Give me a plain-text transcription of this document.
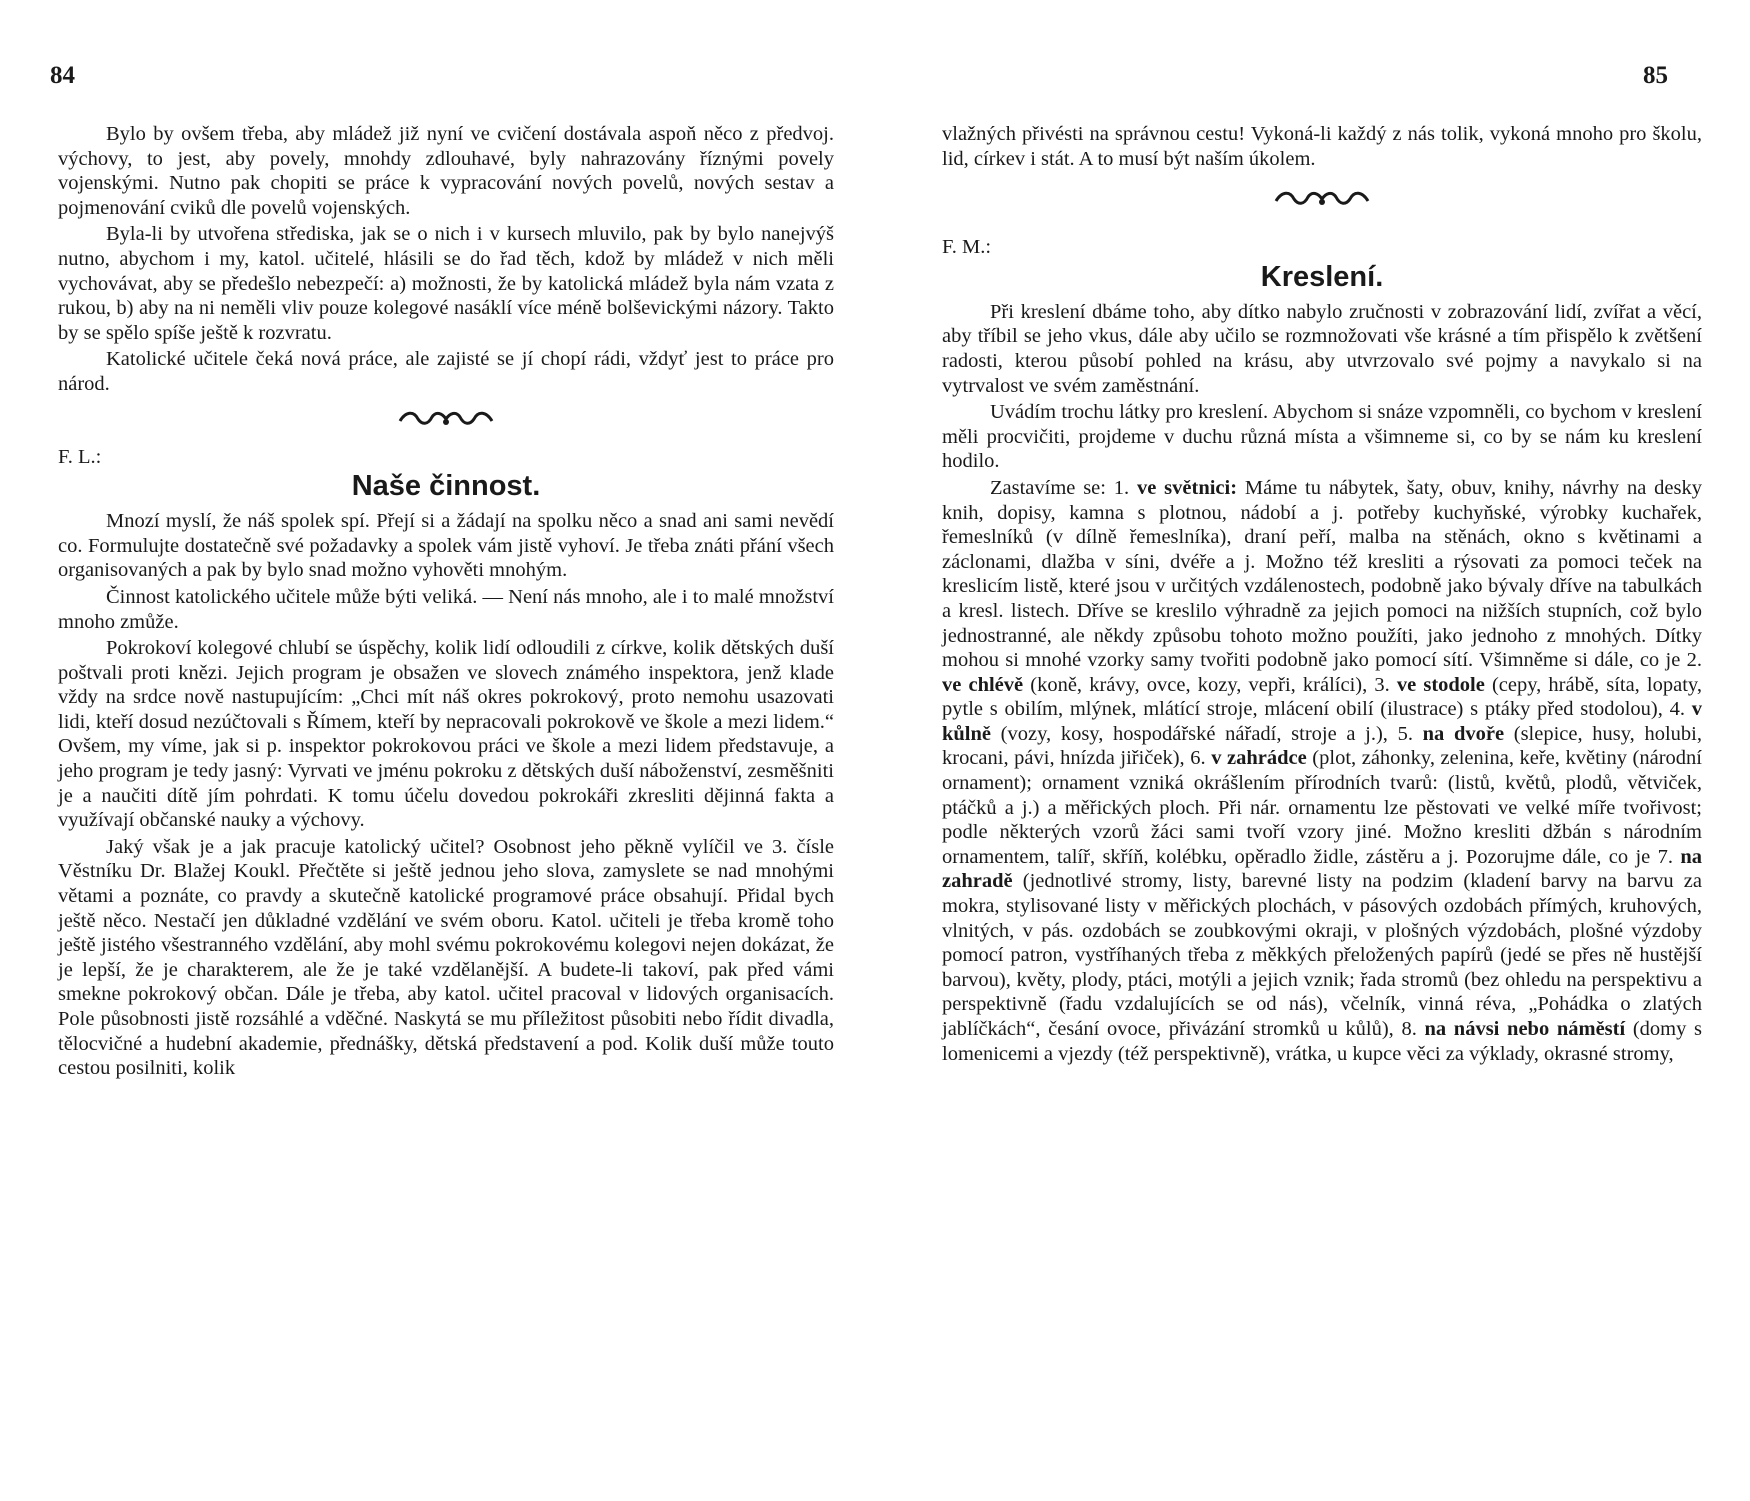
84	85

Bylo by ovšem třeba, aby mládež již nyní ve cvičení dostávala aspoň něco z předvoj. výchovy, to jest, aby povely, mnohdy zdlouhavé, byly nahrazovány říznými povely vojenskými. Nutno pak chopiti se práce k vypracování nových povelů, nových sestav a pojmenování cviků dle povelů vojenských.

Byla-li by utvořena střediska, jak se o nich i v kursech mluvilo, pak by bylo nanejvýš nutno, abychom i my, katol. učitelé, hlásili se do řad těch, kdož by mládež v nich měli vychovávat, aby se předešlo nebezpečí: a) možnosti, že by katolická mládež byla nám vzata z rukou, b) aby na ni neměli vliv pouze kolegové nasáklí více méně bolševickými názory. Takto by se spělo spíše ještě k rozvratu.

Katolické učitele čeká nová práce, ale zajisté se jí chopí rádi, vždyť jest to práce pro národ.

F. L.:

Naše činnost.

Mnozí myslí, že náš spolek spí. Přejí si a žádají na spolku něco a snad ani sami nevědí co. Formulujte dostatečně své požadavky a spolek vám jistě vyhoví. Je třeba znáti přání všech organisovaných a pak by bylo snad možno vyhověti mnohým.

Činnost katolického učitele může býti veliká. — Není nás mnoho, ale i to malé množství mnoho zmůže.

Pokrokoví kolegové chlubí se úspěchy, kolik lidí odloudili z církve, kolik dětských duší poštvali proti knězi. Jejich program je obsažen ve slovech známého inspektora, jenž klade vždy na srdce nově nastupujícím: „Chci mít náš okres pokrokový, proto nemohu usazovati lidi, kteří dosud nezúčtovali s Římem, kteří by nepracovali pokrokově ve škole a mezi lidem.“ Ovšem, my víme, jak si p. inspektor pokrokovou práci ve škole a mezi lidem představuje, a jeho program je tedy jasný: Vyrvati ve jménu pokroku z dětských duší náboženství, zesměšniti je a naučiti dítě jím pohrdati. K tomu účelu dovedou pokrokáři zkresliti dějinná fakta a využívají občanské nauky a výchovy.

Jaký však je a jak pracuje katolický učitel? Osobnost jeho pěkně vylíčil ve 3. čísle Věstníku Dr. Blažej Koukl. Přečtěte si ještě jednou jeho slova, zamyslete se nad mnohými větami a poznáte, co pravdy a skutečně katolické programové práce obsahují. Přidal bych ještě něco. Nestačí jen důkladné vzdělání ve svém oboru. Katol. učiteli je třeba kromě toho ještě jistého všestranného vzdělání, aby mohl svému pokrokovému kolegovi nejen dokázat, že je lepší, že je charakterem, ale že je také vzdělanější. A budete-li takoví, pak před vámi smekne pokrokový občan. Dále je třeba, aby katol. učitel pracoval v lidových organisacích. Pole působnosti jistě rozsáhlé a vděčné. Naskytá se mu příležitost působiti nebo řídit divadla, tělocvičné a hudební akademie, přednášky, dětská představení a pod. Kolik duší může touto cestou posilniti, kolik

vlažných přivésti na správnou cestu! Vykoná-li každý z nás tolik, vykoná mnoho pro školu, lid, církev i stát. A to musí být naším úkolem.

F. M.:

Kreslení.

Při kreslení dbáme toho, aby dítko nabylo zručnosti v zobrazování lidí, zvířat a věcí, aby tříbil se jeho vkus, dále aby učilo se rozmnožovati vše krásné a tím přispělo k zvětšení radosti, kterou působí pohled na krásu, aby utvrzovalo své pojmy a navykalo si na vytrvalost ve svém zaměstnání.

Uvádím trochu látky pro kreslení. Abychom si snáze vzpomněli, co bychom v kreslení měli procvičiti, projdeme v duchu různá místa a všimneme si, co by se nám ku kreslení hodilo.

Zastavíme se: 1. ve světnici: Máme tu nábytek, šaty, obuv, knihy, návrhy na desky knih, dopisy, kamna s plotnou, nádobí a j. potřeby kuchyňské, výrobky kuchařek, řemeslníků (v dílně řemeslníka), draní peří, malba na stěnách, okno s květinami a záclonami, dlažba v síni, dvéře a j. Možno též kresliti a rýsovati za pomoci teček na kreslicím listě, které jsou v určitých vzdálenostech, podobně jako bývaly dříve na tabulkách a kresl. listech. Dříve se kreslilo výhradně za jejich pomoci na nižších stupních, což bylo jednostranné, ale někdy způsobu tohoto možno použíti, jako jednoho z mnohých. Dítky mohou si mnohé vzorky samy tvořiti podobně jako pomocí sítí. Všimněme si dále, co je 2. ve chlévě (koně, krávy, ovce, kozy, vepři, králíci), 3. ve stodole (cepy, hrábě, síta, lopaty, pytle s obilím, mlýnek, mlátící stroje, mlácení obilí (ilustrace) s ptáky před stodolou), 4. v kůlně (vozy, kosy, hospodářské nářadí, stroje a j.), 5. na dvoře (slepice, husy, holubi, krocani, pávi, hnízda jiřiček), 6. v zahrádce (plot, záhonky, zelenina, keře, květiny (národní ornament); ornament vzniká okrášlením přírodních tvarů: (listů, květů, plodů, větviček, ptáčků a j.) a měřických ploch. Při nár. ornamentu lze pěstovati ve velké míře tvořivost; podle některých vzorů žáci sami tvoří vzory jiné. Možno kresliti džbán s národním ornamentem, talíř, skříň, kolébku, opěradlo židle, zástěru a j. Pozorujme dále, co je 7. na zahradě (jednotlivé stromy, listy, barevné listy na podzim (kladení barvy na barvu za mokra, stylisované listy v měřických plochách, v pásových ozdobách přímých, kruhových, vlnitých, v pás. ozdobách se zoubkovými okraji, v plošných výzdobách, plošné výzdoby pomocí patron, vystříhaných třeba z měkkých přeložených papírů (jedé se přes ně hustější barvou), květy, plody, ptáci, motýli a jejich vznik; řada stromů (bez ohledu na perspektivu a perspektivně (řadu vzdalujících se od nás), včelník, vinná réva, „Pohádka o zlatých jablíčkách“, česání ovoce, přivázání stromků u kůlů), 8. na návsi nebo náměstí (domy s lomenicemi a vjezdy (též perspektivně), vrátka, u kupce věci za výklady, okrasné stromy,
